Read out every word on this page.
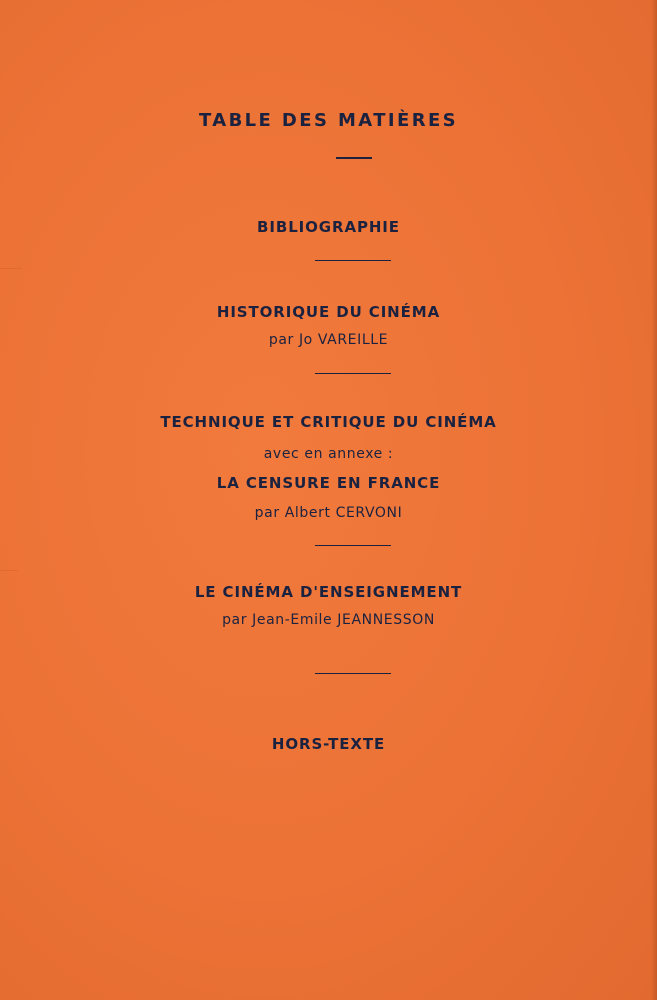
TABLE DES MATIÈRES
BIBLIOGRAPHIE
HISTORIQUE DU CINÉMA
par Jo VAREILLE
TECHNIQUE ET CRITIQUE DU CINÉMA
avec en annexe :
LA CENSURE EN FRANCE
par Albert CERVONI
LE CINÉMA D'ENSEIGNEMENT
par Jean-Emile JEANNESSON
HORS-TEXTE
